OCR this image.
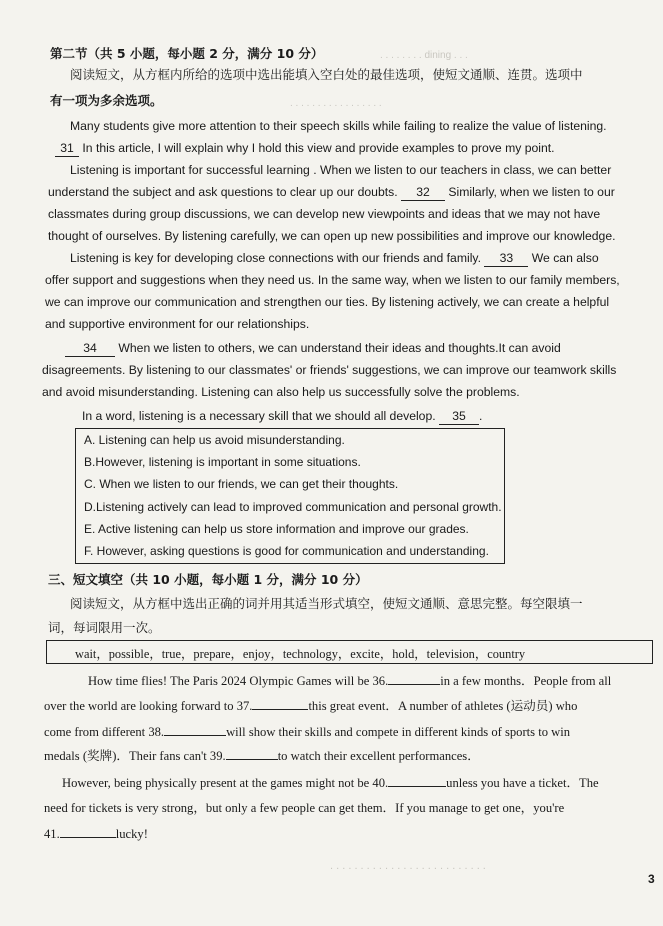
. . . . . . . . dining . . .
. . . . . . . . . . . . . . . . .
. . . . . . . . . . . . . . . . . . . . . . . . . .
第二节（共 5 小题，每小题 2 分，满分 10 分）
阅读短文，从方框内所给的选项中选出能填入空白处的最佳选项，使短文通顺、连贯。选项中
有一项为多余选项。
Many students give more attention to their speech skills while failing to realize the value of listening.
31 In this article, I will explain why I hold this view and provide examples to prove my point.
Listening is important for successful learning . When we listen to our teachers in class, we can better
understand the subject and ask questions to clear up our doubts. 32 Similarly, when we listen to our
classmates during group discussions, we can develop new viewpoints and ideas that we may not have
thought of ourselves. By listening carefully, we can open up new possibilities and improve our knowledge.
Listening is key for developing close connections with our friends and family. 33 We can also
offer support and suggestions when they need us. In the same way, when we listen to our family members,
we can improve our communication and strengthen our ties. By listening actively, we can create a helpful
and supportive environment for our relationships.
34 When we listen to others, we can understand their ideas and thoughts.It can avoid
disagreements. By listening to our classmates' or friends' suggestions, we can improve our teamwork skills
and avoid misunderstanding. Listening can also help us successfully solve the problems.
In a word, listening is a necessary skill that we should all develop. 35 .
A. Listening can help us avoid misunderstanding.
B.However, listening is important in some situations.
C. When we listen to our friends, we can get their thoughts.
D.Listening actively can lead to improved communication and personal growth.
E. Active listening can help us store information and improve our grades.
F. However, asking questions is good for communication and understanding.
三、短文填空（共 10 小题，每小题 1 分，满分 10 分）
阅读短文，从方框中选出正确的词并用其适当形式填空，使短文通顺、意思完整。每空限填一
词，每词限用一次。
wait，possible，true，prepare，enjoy，technology，excite，hold，television，country
How time flies! The Paris 2024 Olympic Games will be 36.	in a few months．People from all
over the world are looking forward to 37.	this great event．A number of athletes (运动员) who
come from different 38.	will show their skills and compete in different kinds of sports to win
medals (奖牌)．Their fans can't 39.	to watch their excellent performances．
However, being physically present at the games might not be 40.	unless you have a ticket．The
need for tickets is very strong，but only a few people can get them．If you manage to get one，you're
41.	lucky!
3
